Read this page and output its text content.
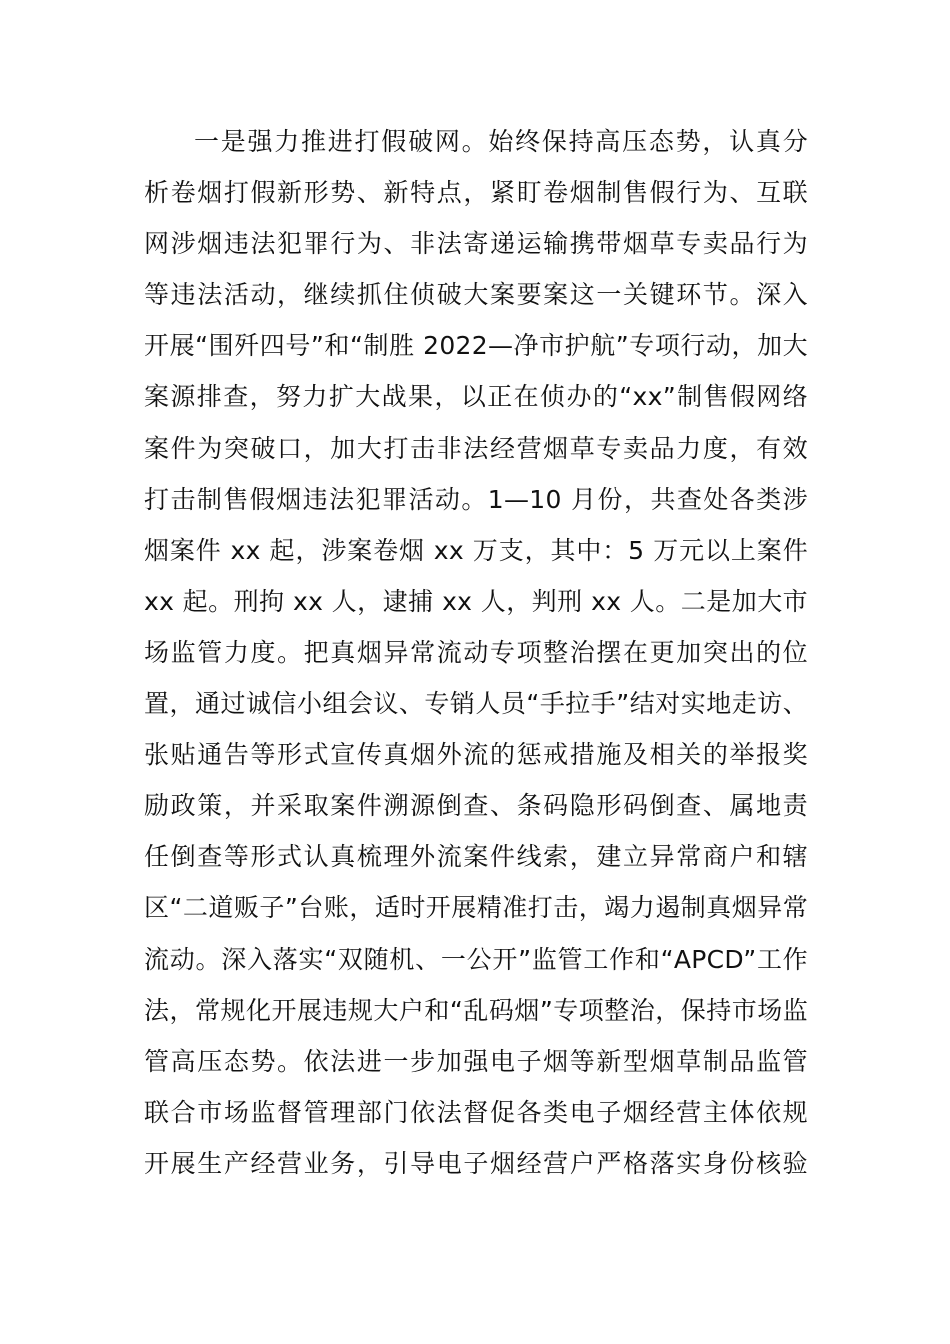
一是强力推进打假破网。始终保持高压态势，认真分
析卷烟打假新形势、新特点，紧盯卷烟制售假行为、互联
网涉烟违法犯罪行为、非法寄递运输携带烟草专卖品行为
等违法活动，继续抓住侦破大案要案这一关键环节。深入
开展“围歼四号”和“制胜 2022—净市护航”专项行动，加大
案源排查，努力扩大战果，以正在侦办的“xx”制售假网络
案件为突破口，加大打击非法经营烟草专卖品力度，有效
打击制售假烟违法犯罪活动。1—10 月份，共查处各类涉
烟案件 xx 起，涉案卷烟 xx 万支，其中：5 万元以上案件
xx 起。刑拘 xx 人，逮捕 xx 人，判刑 xx 人。二是加大市
场监管力度。把真烟异常流动专项整治摆在更加突出的位
置，通过诚信小组会议、专销人员“手拉手”结对实地走访、
张贴通告等形式宣传真烟外流的惩戒措施及相关的举报奖
励政策，并采取案件溯源倒查、条码隐形码倒查、属地责
任倒查等形式认真梳理外流案件线索，建立异常商户和辖
区“二道贩子”台账，适时开展精准打击，竭力遏制真烟异常
流动。深入落实“双随机、一公开”监管工作和“APCD”工作
法，常规化开展违规大户和“乱码烟”专项整治，保持市场监
管高压态势。依法进一步加强电子烟等新型烟草制品监管
联合市场监督管理部门依法督促各类电子烟经营主体依规
开展生产经营业务，引导电子烟经营户严格落实身份核验
